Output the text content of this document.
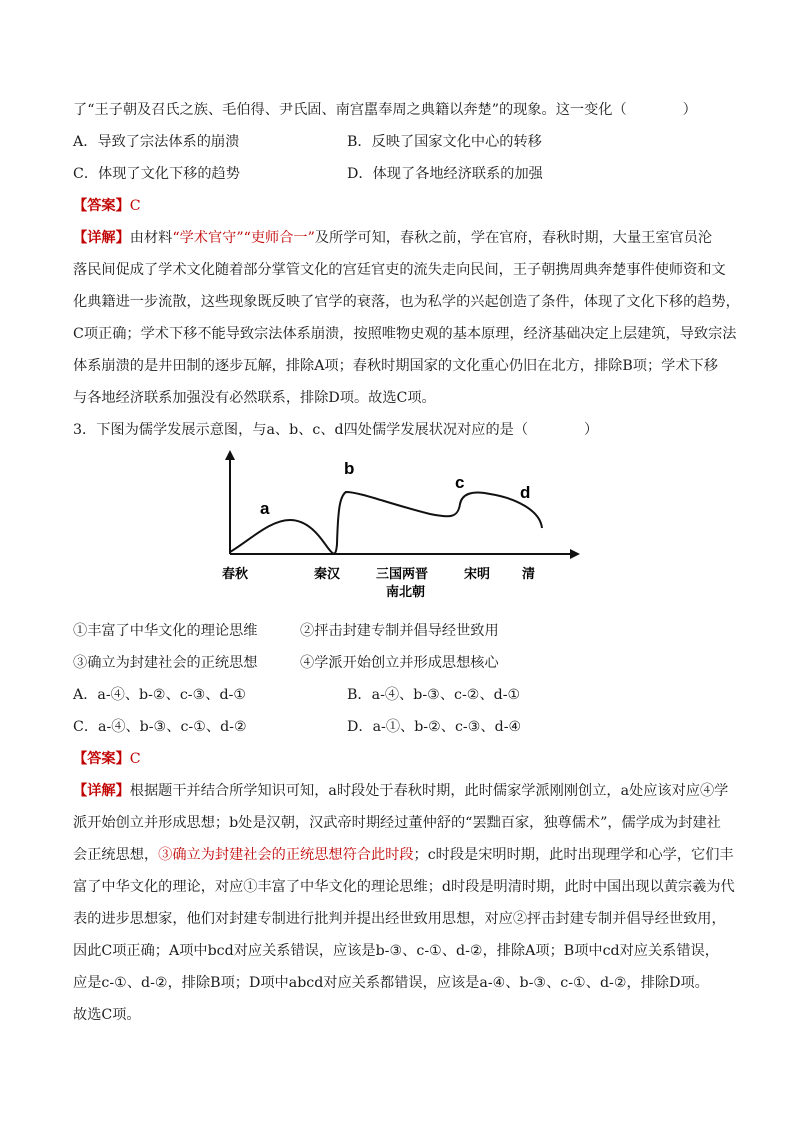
了“王子朝及召氏之族、毛伯得、尹氏固、南宫嚚奉周之典籍以奔楚”的现象。这一变化（	）
A．导致了宗法体系的崩溃	B．反映了国家文化中心的转移
C．体现了文化下移的趋势	D．体现了各地经济联系的加强
【答案】C
【详解】由材料“学术官守”“吏师合一”及所学可知，春秋之前，学在官府，春秋时期，大量王室官员沦
落民间促成了学术文化随着部分掌管文化的宫廷官吏的流失走向民间，王子朝携周典奔楚事件使师资和文
化典籍进一步流散，这些现象既反映了官学的衰落，也为私学的兴起创造了条件，体现了文化下移的趋势，
C项正确；学术下移不能导致宗法体系崩溃，按照唯物史观的基本原理，经济基础决定上层建筑，导致宗法
体系崩溃的是井田制的逐步瓦解，排除A项；春秋时期国家的文化重心仍旧在北方，排除B项；学术下移
与各地经济联系加强没有必然联系，排除D项。故选C项。
3．下图为儒学发展示意图，与a、b、c、d四处儒学发展状况对应的是（	）
a
b
c
d
春秋	秦汉	三国两晋
南北朝
宋明 清
①丰富了中华文化的理论思维	②抨击封建专制并倡导经世致用
③确立为封建社会的正统思想	④学派开始创立并形成思想核心
A．a-④、b-②、c-③、d-①	B．a-④、b-③、c-②、d-①
C．a-④、b-③、c-①、d-②	D．a-①、b-②、c-③、d-④
【答案】C
【详解】根据题干并结合所学知识可知，a时段处于春秋时期，此时儒家学派刚刚创立，a处应该对应④学
派开始创立并形成思想；b处是汉朝，汉武帝时期经过董仲舒的“罢黜百家，独尊儒术”，儒学成为封建社
会正统思想，③确立为封建社会的正统思想符合此时段；c时段是宋明时期，此时出现理学和心学，它们丰
富了中华文化的理论，对应①丰富了中华文化的理论思维；d时段是明清时期，此时中国出现以黄宗羲为代
表的进步思想家，他们对封建专制进行批判并提出经世致用思想，对应②抨击封建专制并倡导经世致用，
因此C项正确；A项中bcd对应关系错误，应该是b-③、c-①、d-②，排除A项；B项中cd对应关系错误，
应是c-①、d-②，排除B项；D项中abcd对应关系都错误，应该是a-④、b-③、c-①、d-②，排除D项。
故选C项。
